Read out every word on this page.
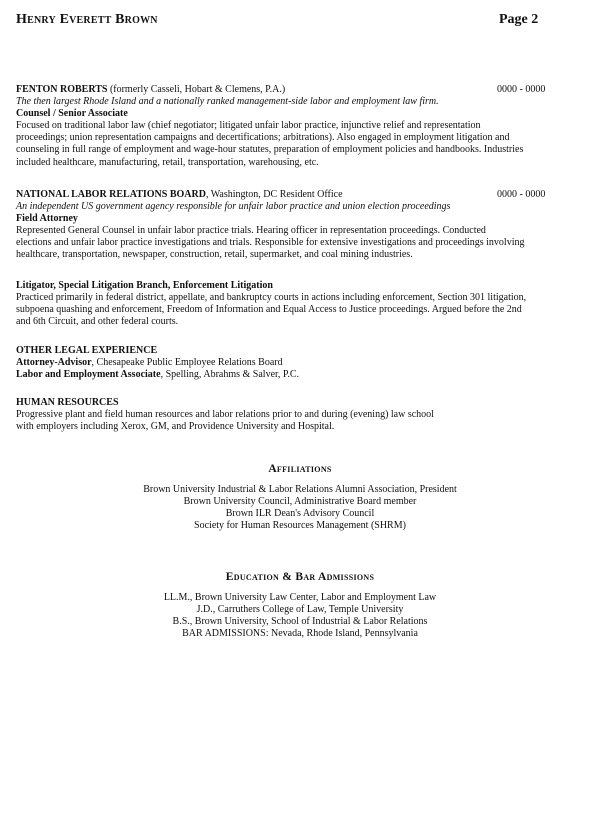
Henry Everett Brown	Page 2
FENTON ROBERTS (formerly Casseli, Hobart & Clemens, P.A.)	0000 - 0000
The then largest Rhode Island and a nationally ranked management-side labor and employment law firm.
Counsel / Senior Associate
Focused on traditional labor law (chief negotiator; litigated unfair labor practice, injunctive relief and representation
proceedings; union representation campaigns and decertifications; arbitrations). Also engaged in employment litigation and
counseling in full range of employment and wage-hour statutes, preparation of employment policies and handbooks. Industries
included healthcare, manufacturing, retail, transportation, warehousing, etc.
NATIONAL LABOR RELATIONS BOARD, Washington, DC Resident Office	0000 - 0000
An independent US government agency responsible for unfair labor practice and union election proceedings
Field Attorney
Represented General Counsel in unfair labor practice trials. Hearing officer in representation proceedings. Conducted
elections and unfair labor practice investigations and trials. Responsible for extensive investigations and proceedings involving
healthcare, transportation, newspaper, construction, retail, supermarket, and coal mining industries.
Litigator, Special Litigation Branch, Enforcement Litigation
Practiced primarily in federal district, appellate, and bankruptcy courts in actions including enforcement, Section 301 litigation,
subpoena quashing and enforcement, Freedom of Information and Equal Access to Justice proceedings. Argued before the 2nd
and 6th Circuit, and other federal courts.
OTHER LEGAL EXPERIENCE
Attorney-Advisor, Chesapeake Public Employee Relations Board
Labor and Employment Associate, Spelling, Abrahms & Salver, P.C.
HUMAN RESOURCES
Progressive plant and field human resources and labor relations prior to and during (evening) law school
with employers including Xerox, GM, and Providence University and Hospital.
Affiliations
Brown University Industrial & Labor Relations Alumni Association, President
Brown University Council, Administrative Board member
Brown ILR Dean's Advisory Council
Society for Human Resources Management (SHRM)
Education & Bar Admissions
LL.M., Brown University Law Center, Labor and Employment Law
J.D., Carruthers College of Law, Temple University
B.S., Brown University, School of Industrial & Labor Relations
BAR ADMISSIONS: Nevada, Rhode Island, Pennsylvania
